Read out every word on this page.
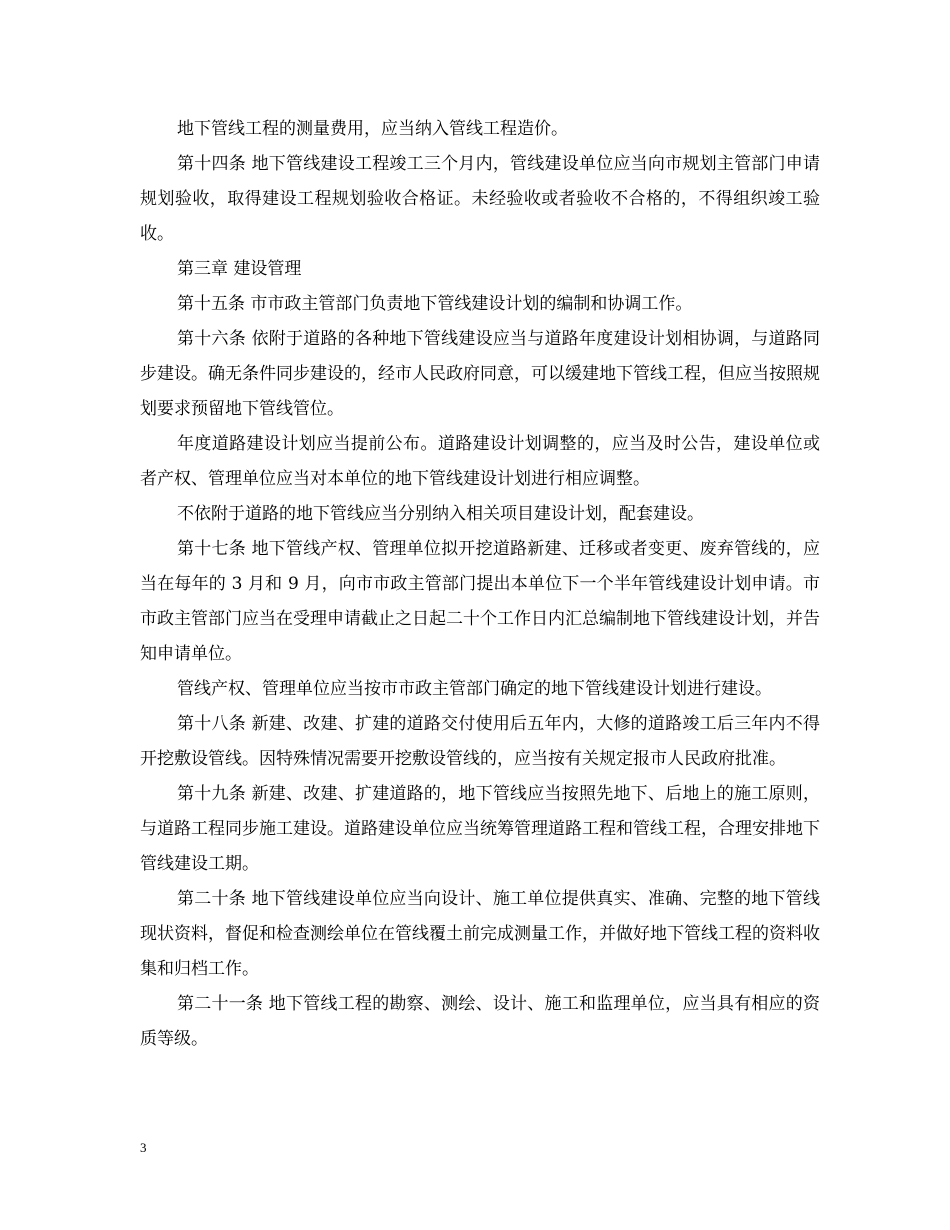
地下管线工程的测量费用，应当纳入管线工程造价。

第十四条 地下管线建设工程竣工三个月内，管线建设单位应当向市规划主管部门申请规划验收，取得建设工程规划验收合格证。未经验收或者验收不合格的，不得组织竣工验收。

第三章 建设管理

第十五条 市市政主管部门负责地下管线建设计划的编制和协调工作。

第十六条 依附于道路的各种地下管线建设应当与道路年度建设计划相协调，与道路同步建设。确无条件同步建设的，经市人民政府同意，可以缓建地下管线工程，但应当按照规划要求预留地下管线管位。

年度道路建设计划应当提前公布。道路建设计划调整的，应当及时公告，建设单位或者产权、管理单位应当对本单位的地下管线建设计划进行相应调整。

不依附于道路的地下管线应当分别纳入相关项目建设计划，配套建设。

第十七条 地下管线产权、管理单位拟开挖道路新建、迁移或者变更、废弃管线的，应当在每年的 3 月和 9 月，向市市政主管部门提出本单位下一个半年管线建设计划申请。市市政主管部门应当在受理申请截止之日起二十个工作日内汇总编制地下管线建设计划，并告知申请单位。

管线产权、管理单位应当按市市政主管部门确定的地下管线建设计划进行建设。

第十八条 新建、改建、扩建的道路交付使用后五年内，大修的道路竣工后三年内不得开挖敷设管线。因特殊情况需要开挖敷设管线的，应当按有关规定报市人民政府批准。

第十九条 新建、改建、扩建道路的，地下管线应当按照先地下、后地上的施工原则，与道路工程同步施工建设。道路建设单位应当统筹管理道路工程和管线工程，合理安排地下管线建设工期。

第二十条 地下管线建设单位应当向设计、施工单位提供真实、准确、完整的地下管线现状资料，督促和检查测绘单位在管线覆土前完成测量工作，并做好地下管线工程的资料收集和归档工作。

第二十一条 地下管线工程的勘察、测绘、设计、施工和监理单位，应当具有相应的资质等级。

3
